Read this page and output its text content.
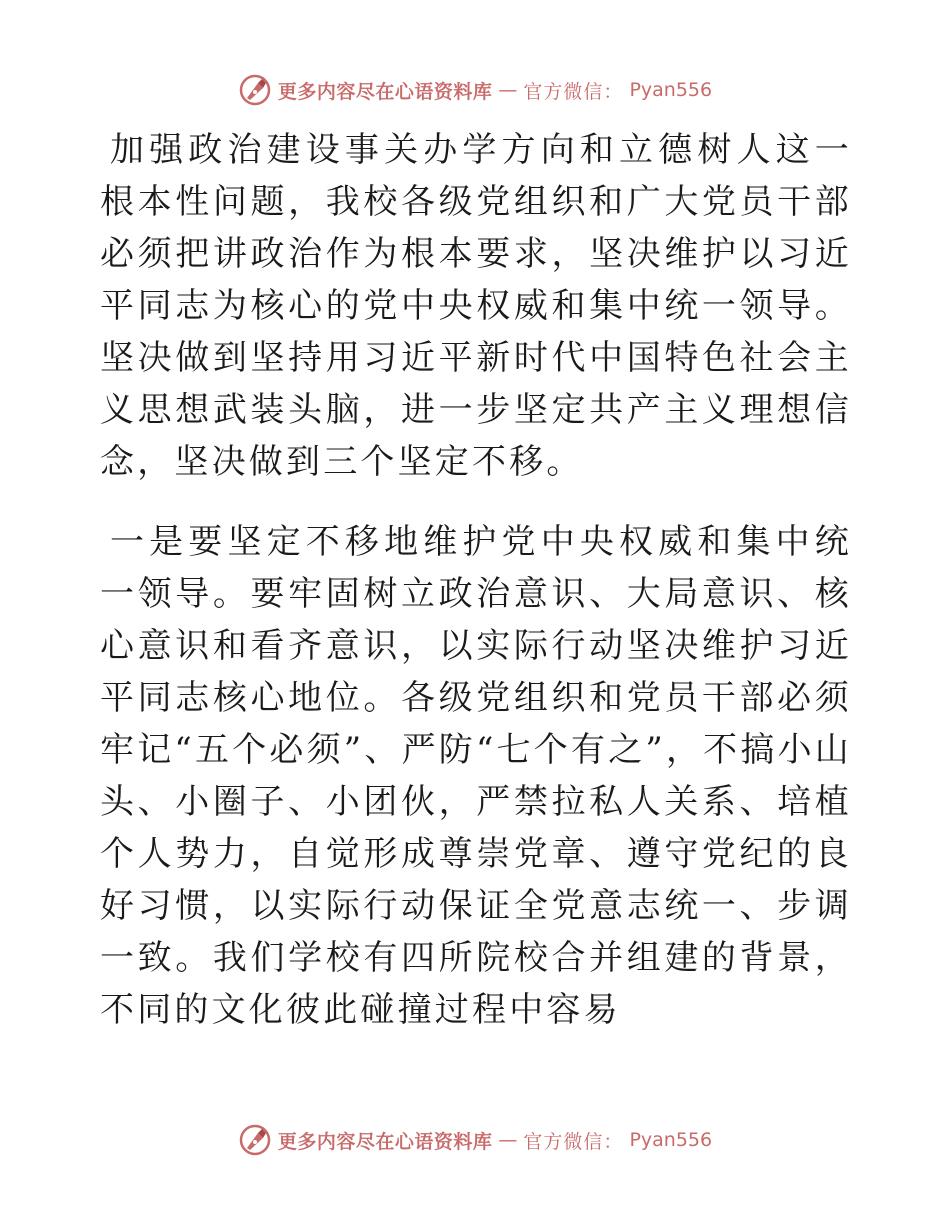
更多内容尽在心语资料库 — 官方微信： Pyan556

加强政治建设事关办学方向和立德树人这一根本性问题，我校各级党组织和广大党员干部必须把讲政治作为根本要求，坚决维护以习近平同志为核心的党中央权威和集中统一领导。坚决做到坚持用习近平新时代中国特色社会主义思想武装头脑，进一步坚定共产主义理想信念，坚决做到三个坚定不移。

一是要坚定不移地维护党中央权威和集中统一领导。要牢固树立政治意识、大局意识、核心意识和看齐意识，以实际行动坚决维护习近平同志核心地位。各级党组织和党员干部必须牢记“五个必须”、严防“七个有之”，不搞小山头、小圈子、小团伙，严禁拉私人关系、培植个人势力，自觉形成尊崇党章、遵守党纪的良好习惯，以实际行动保证全党意志统一、步调一致。我们学校有四所院校合并组建的背景，不同的文化彼此碰撞过程中容易

更多内容尽在心语资料库 — 官方微信： Pyan556
